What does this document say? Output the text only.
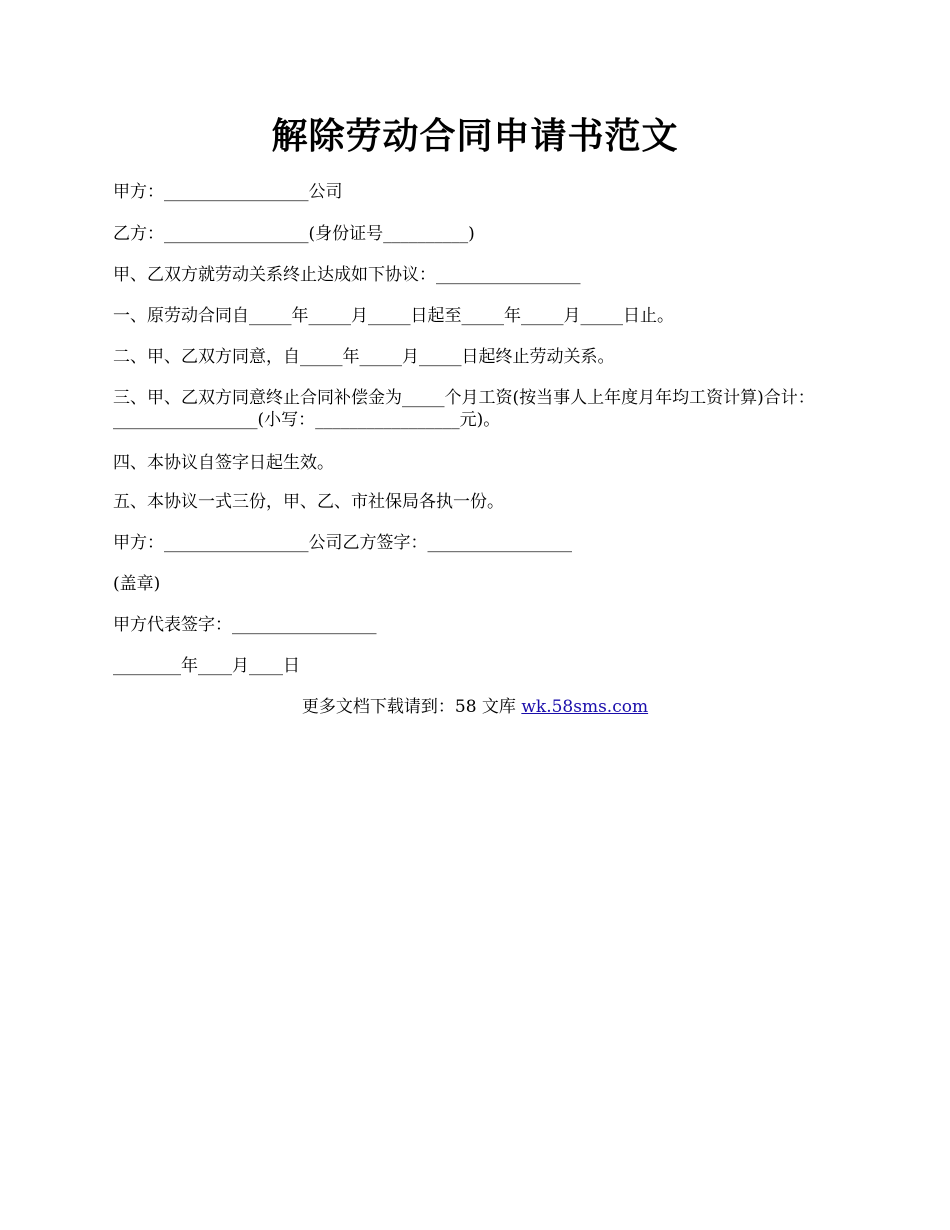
解除劳动合同申请书范文
甲方：_________________公司
乙方：_________________(身份证号__________)
甲、乙双方就劳动关系终止达成如下协议：_________________
一、原劳动合同自_____年_____月_____日起至_____年_____月_____日止。
二、甲、乙双方同意，自_____年_____月_____日起终止劳动关系。
三、甲、乙双方同意终止合同补偿金为_____个月工资(按当事人上年度月年均工资计算)合计：_________________(小写：_________________元)。
四、本协议自签字日起生效。
五、本协议一式三份，甲、乙、市社保局各执一份。
甲方：_________________公司乙方签字：_________________
(盖章)
甲方代表签字：_________________
________年____月____日
更多文档下载请到：58 文库 wk.58sms.com
